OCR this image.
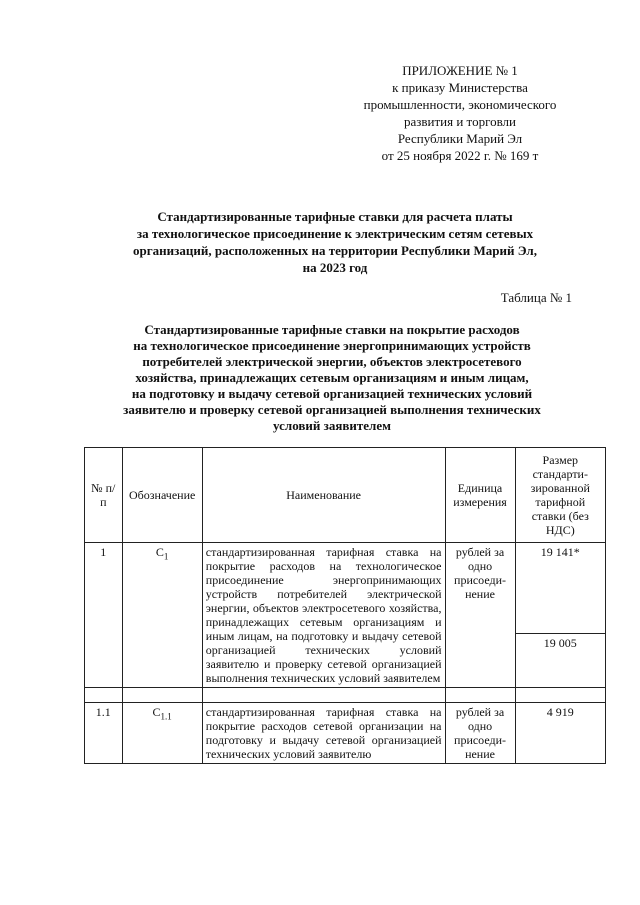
ПРИЛОЖЕНИЕ № 1
к приказу Министерства
промышленности, экономического
развития и торговли
Республики Марий Эл
от 25 ноября 2022 г. № 169 т
Стандартизированные тарифные ставки для расчета платы
за технологическое присоединение к электрическим сетям сетевых
организаций, расположенных на территории Республики Марий Эл,
на 2023 год
Таблица № 1
Стандартизированные тарифные ставки на покрытие расходов
на технологическое присоединение энергопринимающих устройств
потребителей электрической энергии, объектов электросетевого
хозяйства, принадлежащих сетевым организациям и иным лицам,
на подготовку и выдачу сетевой организацией технических условий
заявителю и проверку сетевой организацией выполнения технических
условий заявителем
№ п/п	Обозначение	Наименование	Единица измерения	Размер стандарти-зированной тарифной ставки (без НДС)
1	$C_1$	стандартизированная тарифная ставка на покрытие расходов на технологическое присоединение энергопринимающих устройств потребителей электрической энергии, объектов электросетевого хозяйства, принадлежащих сетевым организациям и иным лицам, на подготовку и выдачу сетевой организацией технических условий заявителю и проверку сетевой организацией выполнения технических условий заявителем	рублей за одно присоеди-нение	19 141*
				19 005

1.1	$C_{1.1}$	стандартизированная тарифная ставка на покрытие расходов сетевой организации на подготовку и выдачу сетевой организацией технических условий заявителю	рублей за одно присоеди-нение	4 919
